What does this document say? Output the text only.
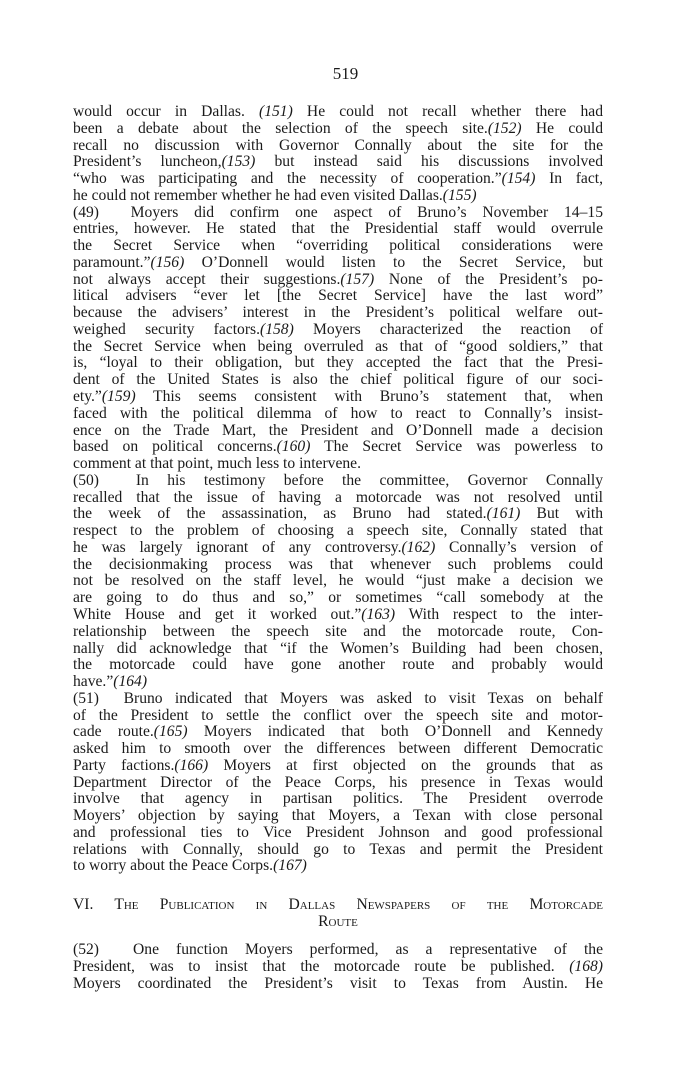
519
would occur in Dallas. (151) He could not recall whether there had
been a debate about the selection of the speech site.(152) He could
recall no discussion with Governor Connally about the site for the
President’s luncheon,(153) but instead said his discussions involved
“who was participating and the necessity of cooperation.”(154) In fact,
he could not remember whether he had even visited Dallas.(155)
(49)  Moyers did confirm one aspect of Bruno’s November 14–15
entries, however. He stated that the Presidential staff would overrule
the Secret Service when “overriding political considerations were
paramount.”(156) O’Donnell would listen to the Secret Service, but
not always accept their suggestions.(157) None of the President’s po-
litical advisers “ever let [the Secret Service] have the last word”
because the advisers’ interest in the President’s political welfare out-
weighed security factors.(158) Moyers characterized the reaction of
the Secret Service when being overruled as that of “good soldiers,” that
is, “loyal to their obligation, but they accepted the fact that the Presi-
dent of the United States is also the chief political figure of our soci-
ety.”(159) This seems consistent with Bruno’s statement that, when
faced with the political dilemma of how to react to Connally’s insist-
ence on the Trade Mart, the President and O’Donnell made a decision
based on political concerns.(160) The Secret Service was powerless to
comment at that point, much less to intervene.
(50)  In his testimony before the committee, Governor Connally
recalled that the issue of having a motorcade was not resolved until
the week of the assassination, as Bruno had stated.(161) But with
respect to the problem of choosing a speech site, Connally stated that
he was largely ignorant of any controversy.(162) Connally’s version of
the decisionmaking process was that whenever such problems could
not be resolved on the staff level, he would “just make a decision we
are going to do thus and so,” or sometimes “call somebody at the
White House and get it worked out.”(163) With respect to the inter-
relationship between the speech site and the motorcade route, Con-
nally did acknowledge that “if the Women’s Building had been chosen,
the motorcade could have gone another route and probably would
have.”(164)
(51)  Bruno indicated that Moyers was asked to visit Texas on behalf
of the President to settle the conflict over the speech site and motor-
cade route.(165) Moyers indicated that both O’Donnell and Kennedy
asked him to smooth over the differences between different Democratic
Party factions.(166) Moyers at first objected on the grounds that as
Department Director of the Peace Corps, his presence in Texas would
involve that agency in partisan politics. The President overrode
Moyers’ objection by saying that Moyers, a Texan with close personal
and professional ties to Vice President Johnson and good professional
relations with Connally, should go to Texas and permit the President
to worry about the Peace Corps.(167)
VI. The Publication in Dallas Newspapers of the Motorcade
Route
(52)  One function Moyers performed, as a representative of the
President, was to insist that the motorcade route be published. (168)
Moyers coordinated the President’s visit to Texas from Austin. He
